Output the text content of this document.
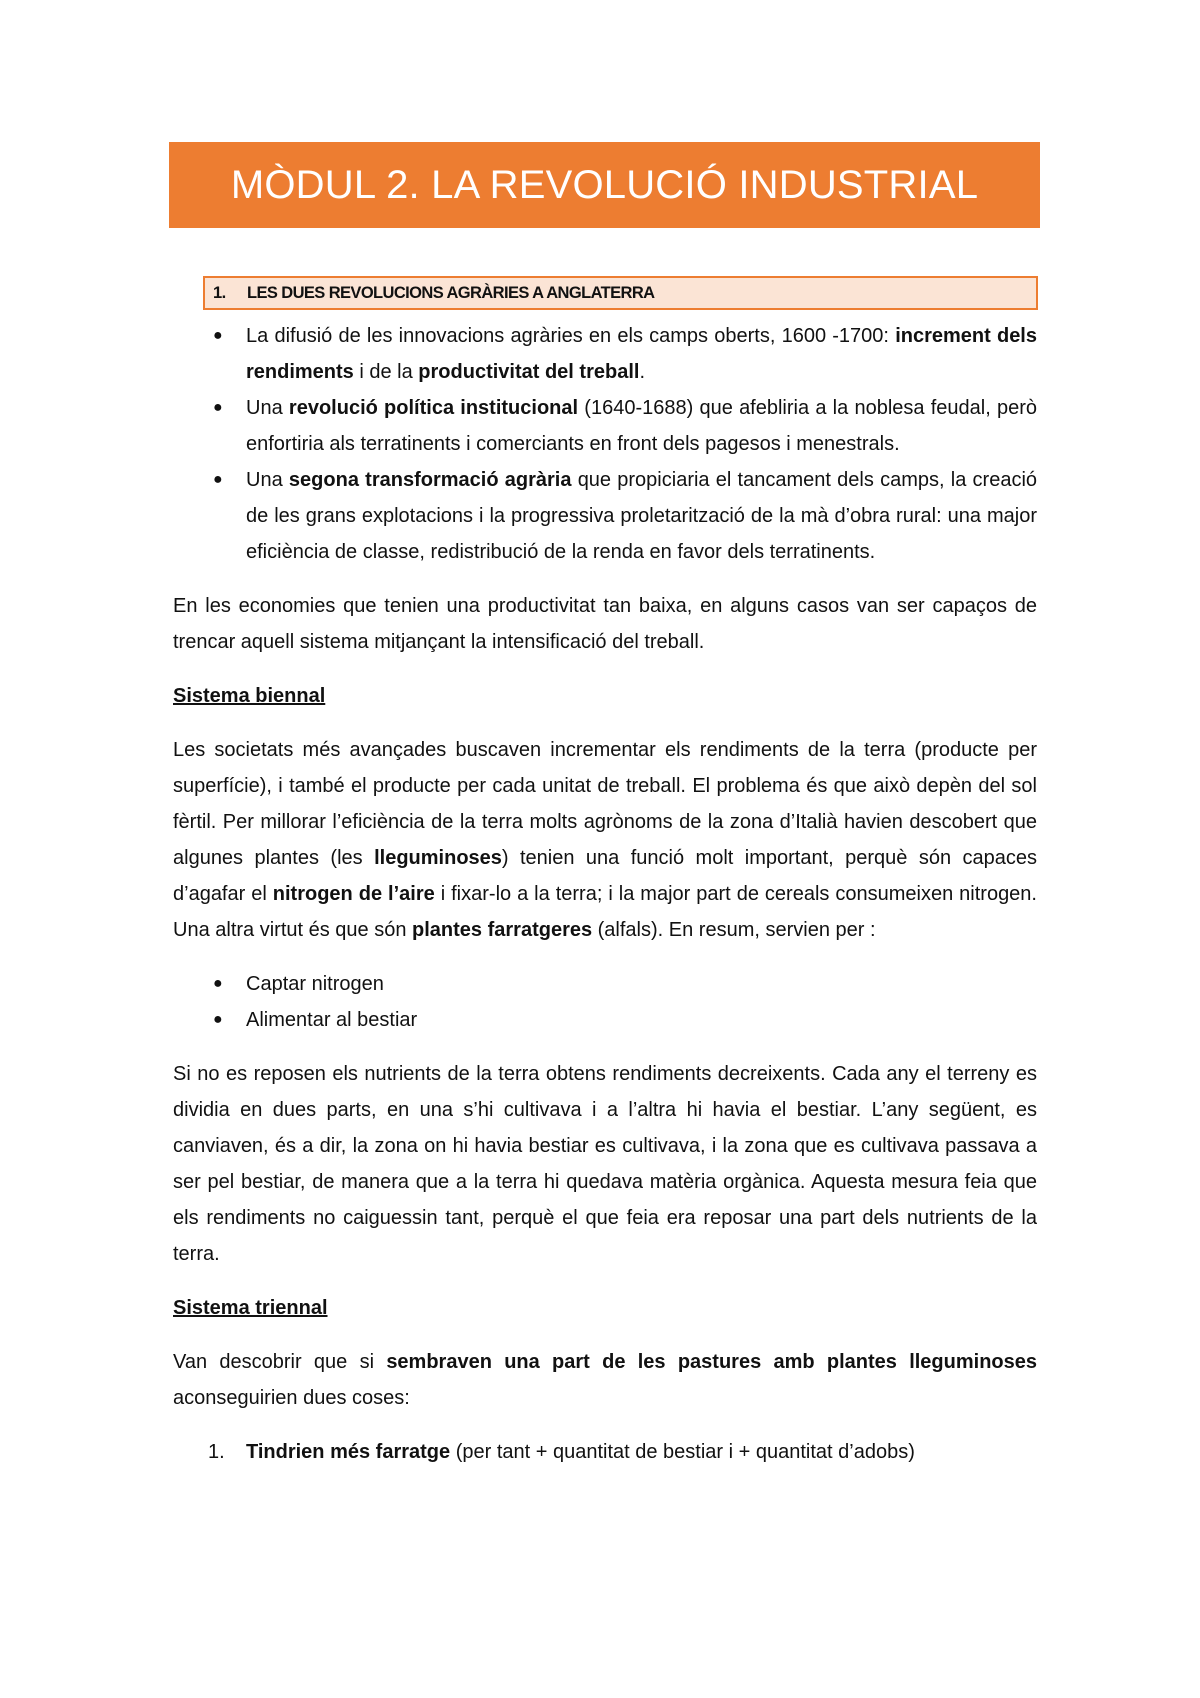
MÒDUL 2. LA REVOLUCIÓ INDUSTRIAL
1.	LES DUES REVOLUCIONS AGRÀRIES A ANGLATERRA
● La difusió de les innovacions agràries en els camps oberts, 1600 -1700: increment dels rendiments i de la productivitat del treball.
● Una revolució política institucional (1640-1688) que afebliria a la noblesa feudal, però enfortiria als terratinents i comerciants en front dels pagesos i menestrals.
● Una segona transformació agrària que propiciaria el tancament dels camps, la creació de les grans explotacions i la progressiva proletarització de la mà d’obra rural: una major eficiència de classe, redistribució de la renda en favor dels terratinents.

En les economies que tenien una productivitat tan baixa, en alguns casos van ser capaços de trencar aquell sistema mitjançant la intensificació del treball.

Sistema biennal

Les societats més avançades buscaven incrementar els rendiments de la terra (producte per superfície), i també el producte per cada unitat de treball. El problema és que això depèn del sol fèrtil. Per millorar l’eficiència de la terra molts agrònoms de la zona d’Italià havien descobert que algunes plantes (les lleguminoses) tenien una funció molt important, perquè són capaces d’agafar el nitrogen de l’aire i fixar-lo a la terra; i la major part de cereals consumeixen nitrogen. Una altra virtut és que són plantes farratgeres (alfals). En resum, servien per :

● Captar nitrogen
● Alimentar al bestiar

Si no es reposen els nutrients de la terra obtens rendiments decreixents. Cada any el terreny es dividia en dues parts, en una s’hi cultivava i a l’altra hi havia el bestiar. L’any següent, es canviaven, és a dir, la zona on hi havia bestiar es cultivava, i la zona que es cultivava passava a ser pel bestiar, de manera que a la terra hi quedava matèria orgànica. Aquesta mesura feia que els rendiments no caiguessin tant, perquè el que feia era reposar una part dels nutrients de la terra.

Sistema triennal

Van descobrir que si sembraven una part de les pastures amb plantes lleguminoses aconseguirien dues coses:

1. Tindrien més farratge (per tant + quantitat de bestiar i + quantitat d’adobs)
